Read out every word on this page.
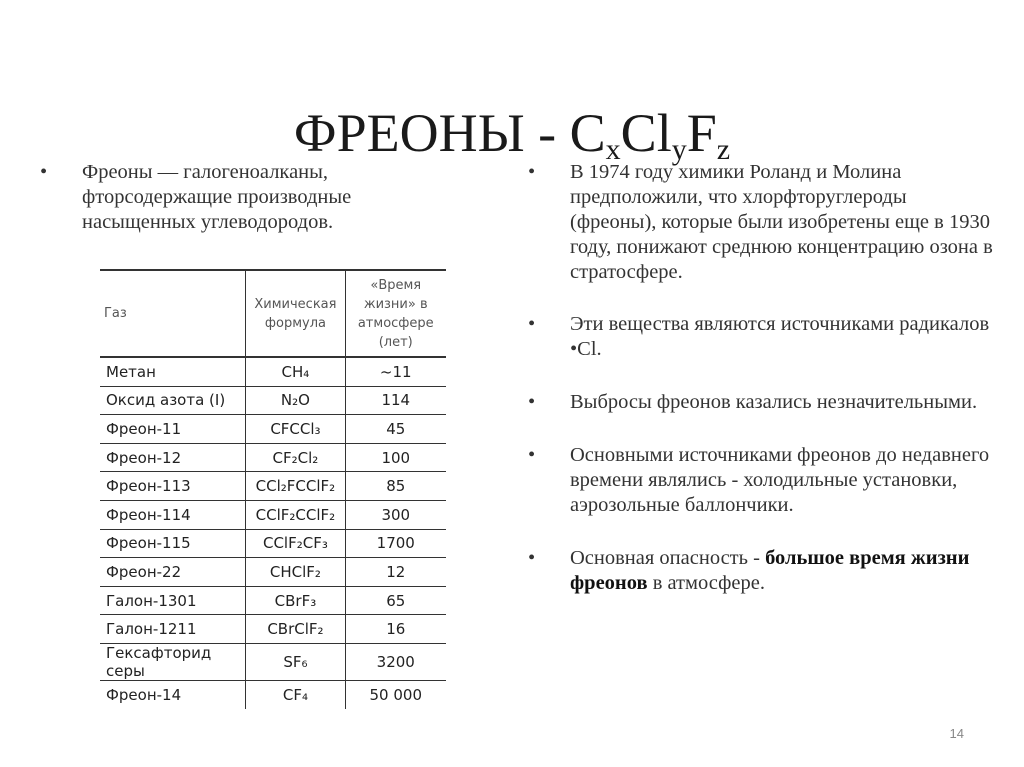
ФРЕОНЫ - $C_xCl_yF_z$
• Фреоны — галогеноалканы, фторсодержащие производные насыщенных углеводородов.
Газ	Химическая формула	«Время жизни» в атмосфере (лет)
Метан	CH₄	~11
Оксид азота (I)	N₂O	114
Фреон-11	CFCCl₃	45
Фреон-12	CF₂Cl₂	100
Фреон-113	CCl₂FCClF₂	85
Фреон-114	CClF₂CClF₂	300
Фреон-115	CClF₂CF₃	1700
Фреон-22	CHClF₂	12
Галон-1301	CBrF₃	65
Галон-1211	CBrClF₂	16
Гексафторид серы	SF₆	3200
Фреон-14	CF₄	50 000
• В 1974 году химики Роланд и Молина предположили, что хлорфторуглероды (фреоны), которые были изобретены еще в 1930 году, понижают среднюю концентрацию озона в стратосфере.
• Эти вещества являются источниками радикалов •Cl.
• Выбросы фреонов казались незначительными.
• Основными источниками фреонов до недавнего времени являлись - холодильные установки, аэрозольные баллончики.
• Основная опасность - большое время жизни фреонов в атмосфере.
14
